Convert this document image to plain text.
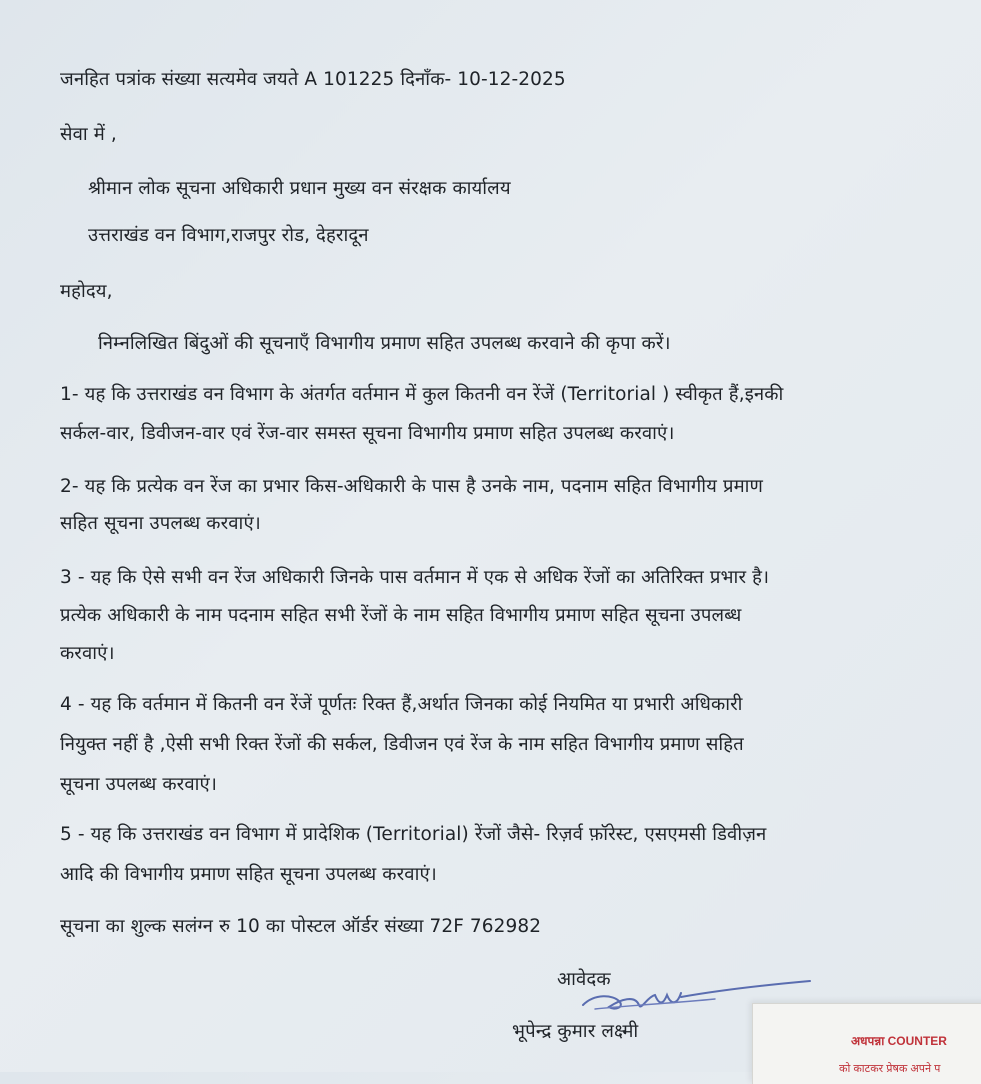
जनहित पत्रांक संख्या सत्यमेव जयते A 101225 दिनाँक- 10-12-2025
सेवा में ,
श्रीमान लोक सूचना अधिकारी प्रधान मुख्य वन संरक्षक कार्यालय
उत्तराखंड वन विभाग,राजपुर रोड, देहरादून
महोदय,
निम्नलिखित बिंदुओं की सूचनाएँ विभागीय प्रमाण सहित उपलब्ध करवाने की कृपा करें।
1- यह कि उत्तराखंड वन विभाग के अंतर्गत वर्तमान में कुल कितनी वन रेंजें (Territorial ) स्वीकृत हैं,इनकी
सर्कल-वार, डिवीजन-वार एवं रेंज-वार समस्त सूचना विभागीय प्रमाण सहित उपलब्ध करवाएं।
2- यह कि प्रत्येक वन रेंज का प्रभार किस-अधिकारी के पास है उनके नाम, पदनाम सहित विभागीय प्रमाण
सहित सूचना उपलब्ध करवाएं।
3 - यह कि ऐसे सभी वन रेंज अधिकारी जिनके पास वर्तमान में एक से अधिक रेंजों का अतिरिक्त प्रभार है।
प्रत्येक अधिकारी के नाम पदनाम सहित सभी रेंजों के नाम सहित विभागीय प्रमाण सहित सूचना उपलब्ध
करवाएं।
4 - यह कि वर्तमान में कितनी वन रेंजें पूर्णतः रिक्त हैं,अर्थात जिनका कोई नियमित या प्रभारी अधिकारी
नियुक्त नहीं है ,ऐसी सभी रिक्त रेंजों की सर्कल, डिवीजन एवं रेंज के नाम सहित विभागीय प्रमाण सहित
सूचना उपलब्ध करवाएं।
5 - यह कि उत्तराखंड वन विभाग में प्रादेशिक (Territorial) रेंजों जैसे- रिज़र्व फ़ॉरेस्ट, एसएमसी डिवीज़न
आदि की विभागीय प्रमाण सहित सूचना उपलब्ध करवाएं।
सूचना का शुल्क सलंग्न रु 10 का पोस्टल ऑर्डर संख्या 72F 762982
आवेदक
भूपेन्द्र कुमार लक्ष्मी	अधपन्ना COUNTER
को काटकर प्रेषक अपने प
